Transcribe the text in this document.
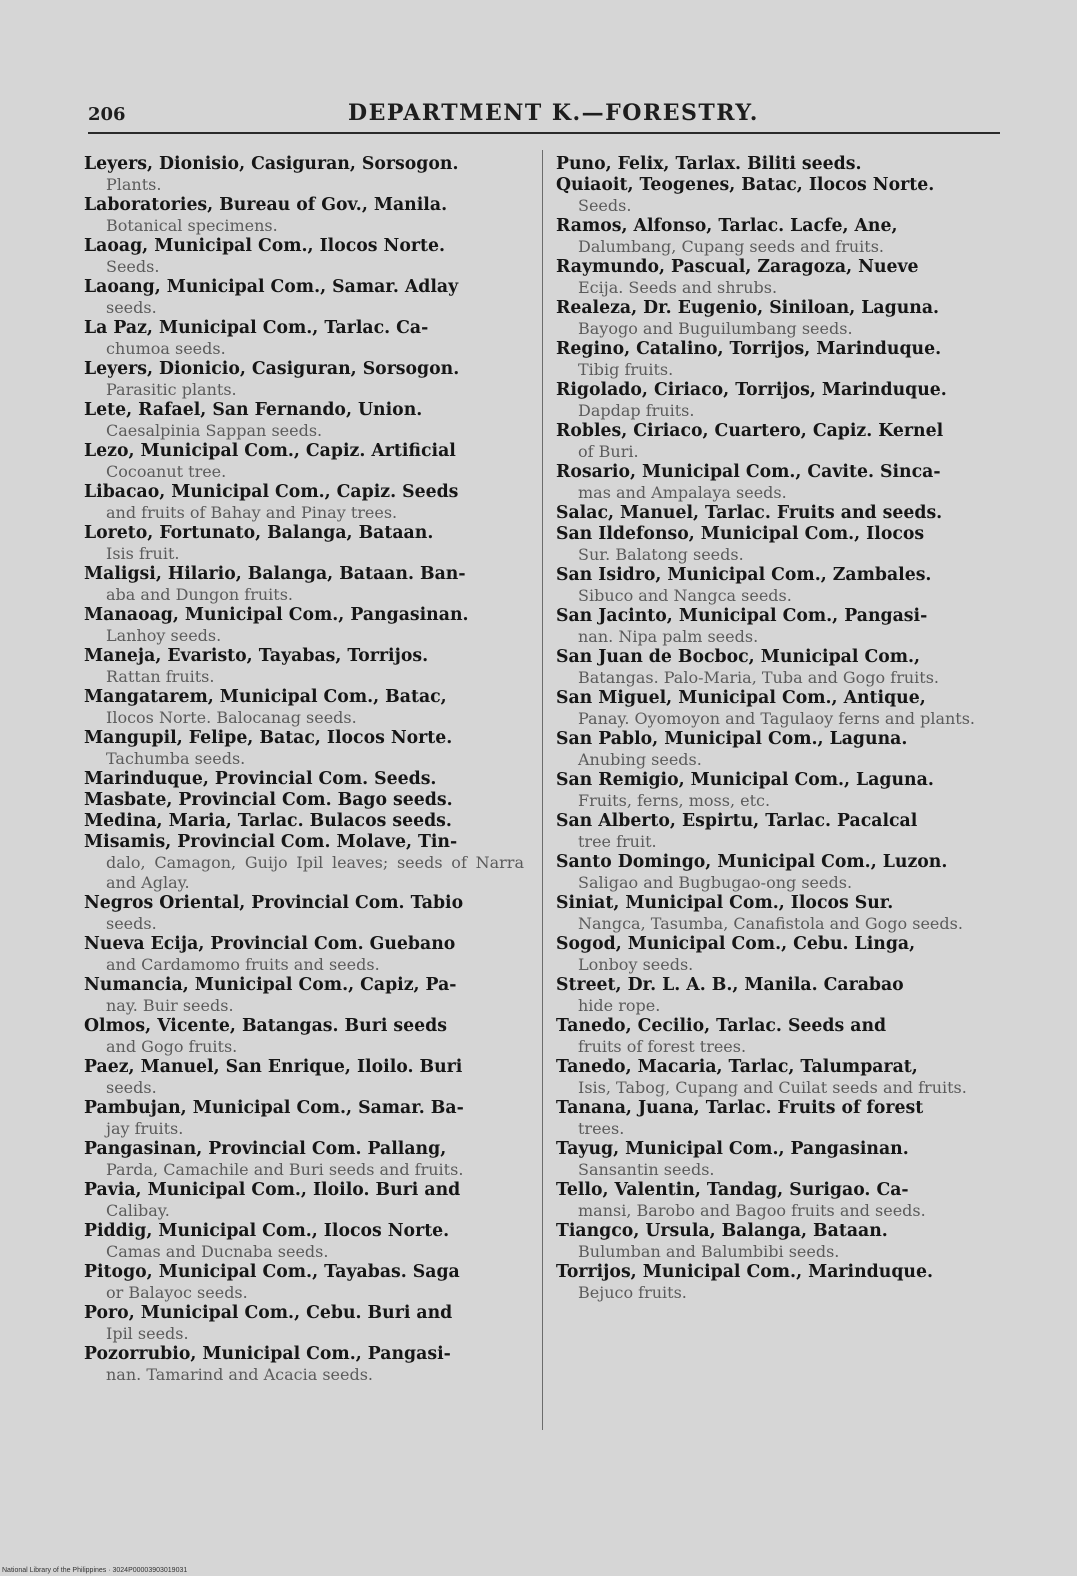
206	DEPARTMENT K.—FORESTRY.
Leyers, Dionisio, Casiguran, Sorsogon.
Plants.
Laboratories, Bureau of Gov., Manila.
Botanical specimens.
Laoag, Municipal Com., Ilocos Norte.
Seeds.
Laoang, Municipal Com., Samar. Adlay
seeds.
La Paz, Municipal Com., Tarlac. Ca-
chumoa seeds.
Leyers, Dionicio, Casiguran, Sorsogon.
Parasitic plants.
Lete, Rafael, San Fernando, Union.
Caesalpinia Sappan seeds.
Lezo, Municipal Com., Capiz. Artificial
Cocoanut tree.
Libacao, Municipal Com., Capiz. Seeds
and fruits of Bahay and Pinay trees.
Loreto, Fortunato, Balanga, Bataan.
Isis fruit.
Maligsi, Hilario, Balanga, Bataan. Ban-
aba and Dungon fruits.
Manaoag, Municipal Com., Pangasinan.
Lanhoy seeds.
Maneja, Evaristo, Tayabas, Torrijos.
Rattan fruits.
Mangatarem, Municipal Com., Batac,
Ilocos Norte. Balocanag seeds.
Mangupil, Felipe, Batac, Ilocos Norte.
Tachumba seeds.
Marinduque, Provincial Com. Seeds.
Masbate, Provincial Com. Bago seeds.
Medina, Maria, Tarlac. Bulacos seeds.
Misamis, Provincial Com. Molave, Tin-
dalo, Camagon, Guijo Ipil leaves; seeds of Narra and Aglay.
Negros Oriental, Provincial Com. Tabio
seeds.
Nueva Ecija, Provincial Com. Guebano
and Cardamomo fruits and seeds.
Numancia, Municipal Com., Capiz, Pa-
nay. Buir seeds.
Olmos, Vicente, Batangas. Buri seeds
and Gogo fruits.
Paez, Manuel, San Enrique, Iloilo. Buri
seeds.
Pambujan, Municipal Com., Samar. Ba-
jay fruits.
Pangasinan, Provincial Com. Pallang,
Parda, Camachile and Buri seeds and fruits.
Pavia, Municipal Com., Iloilo. Buri and
Calibay.
Piddig, Municipal Com., Ilocos Norte.
Camas and Ducnaba seeds.
Pitogo, Municipal Com., Tayabas. Saga
or Balayoc seeds.
Poro, Municipal Com., Cebu. Buri and
Ipil seeds.
Pozorrubio, Municipal Com., Pangasi-
nan. Tamarind and Acacia seeds.
Puno, Felix, Tarlax. Biliti seeds.
Quiaoit, Teogenes, Batac, Ilocos Norte.
Seeds.
Ramos, Alfonso, Tarlac. Lacfe, Ane,
Dalumbang, Cupang seeds and fruits.
Raymundo, Pascual, Zaragoza, Nueve
Ecija. Seeds and shrubs.
Realeza, Dr. Eugenio, Siniloan, Laguna.
Bayogo and Buguilumbang seeds.
Regino, Catalino, Torrijos, Marinduque.
Tibig fruits.
Rigolado, Ciriaco, Torrijos, Marinduque.
Dapdap fruits.
Robles, Ciriaco, Cuartero, Capiz. Kernel
of Buri.
Rosario, Municipal Com., Cavite. Sinca-
mas and Ampalaya seeds.
Salac, Manuel, Tarlac. Fruits and seeds.
San Ildefonso, Municipal Com., Ilocos
Sur. Balatong seeds.
San Isidro, Municipal Com., Zambales.
Sibuco and Nangca seeds.
San Jacinto, Municipal Com., Pangasi-
nan. Nipa palm seeds.
San Juan de Bocboc, Municipal Com.,
Batangas. Palo-Maria, Tuba and Gogo fruits.
San Miguel, Municipal Com., Antique,
Panay. Oyomoyon and Tagulaoy ferns and plants.
San Pablo, Municipal Com., Laguna.
Anubing seeds.
San Remigio, Municipal Com., Laguna.
Fruits, ferns, moss, etc.
San Alberto, Espirtu, Tarlac. Pacalcal
tree fruit.
Santo Domingo, Municipal Com., Luzon.
Saligao and Bugbugao-ong seeds.
Siniat, Municipal Com., Ilocos Sur.
Nangca, Tasumba, Canafistola and Gogo seeds.
Sogod, Municipal Com., Cebu. Linga,
Lonboy seeds.
Street, Dr. L. A. B., Manila. Carabao
hide rope.
Tanedo, Cecilio, Tarlac. Seeds and
fruits of forest trees.
Tanedo, Macaria, Tarlac, Talumparat,
Isis, Tabog, Cupang and Cuilat seeds and fruits.
Tanana, Juana, Tarlac. Fruits of forest
trees.
Tayug, Municipal Com., Pangasinan.
Sansantin seeds.
Tello, Valentin, Tandag, Surigao. Ca-
mansi, Barobo and Bagoo fruits and seeds.
Tiangco, Ursula, Balanga, Bataan.
Bulumban and Balumbibi seeds.
Torrijos, Municipal Com., Marinduque.
Bejuco fruits.
National Library of the Philippines · 3024P00003903019031
